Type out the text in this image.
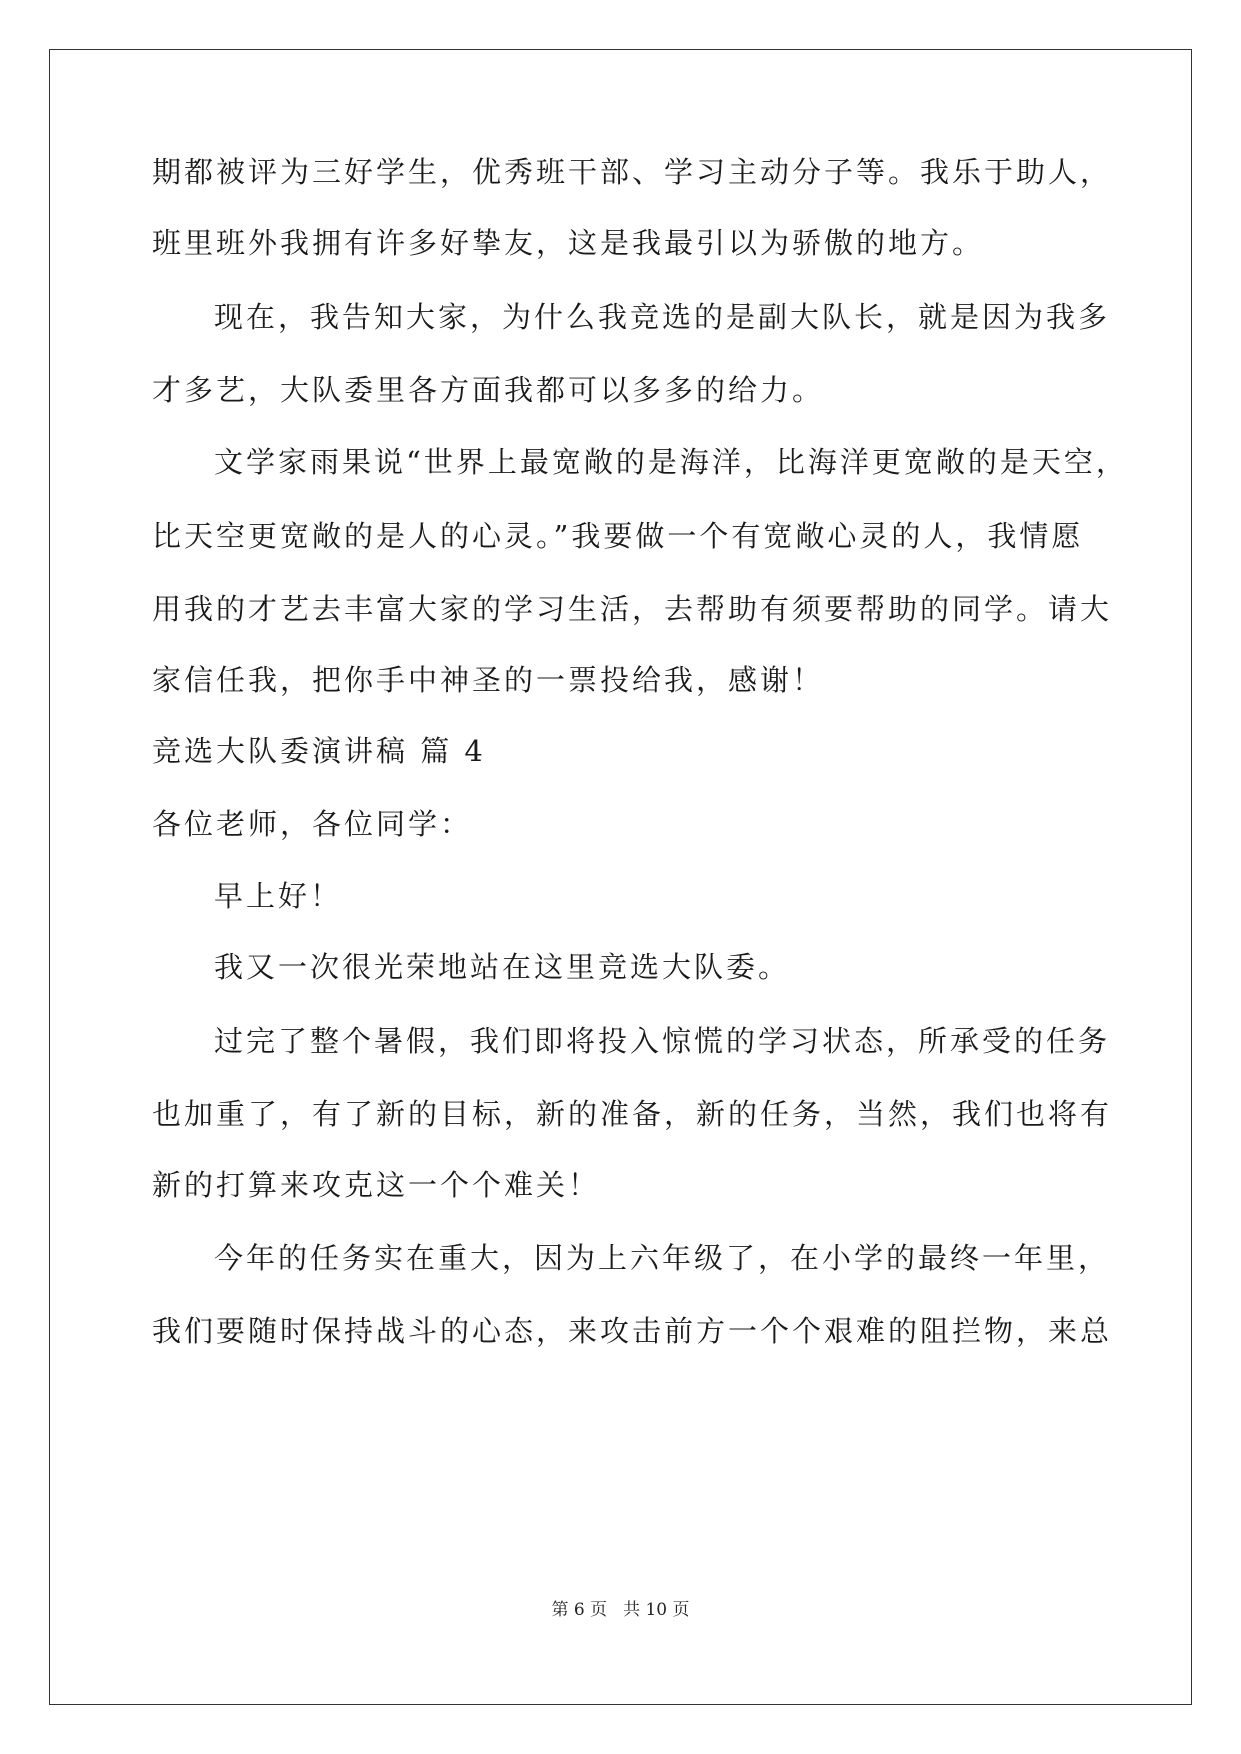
期都被评为三好学生，优秀班干部、学习主动分子等。我乐于助人，
班里班外我拥有许多好挚友，这是我最引以为骄傲的地方。
现在，我告知大家，为什么我竞选的是副大队长，就是因为我多
才多艺，大队委里各方面我都可以多多的给力。
文学家雨果说“世界上最宽敞的是海洋，比海洋更宽敞的是天空，
比天空更宽敞的是人的心灵。”我要做一个有宽敞心灵的人，我情愿
用我的才艺去丰富大家的学习生活，去帮助有须要帮助的同学。请大
家信任我，把你手中神圣的一票投给我，感谢！
竞选大队委演讲稿 篇 4
各位老师，各位同学：
早上好！
我又一次很光荣地站在这里竞选大队委。
过完了整个暑假，我们即将投入惊慌的学习状态，所承受的任务
也加重了，有了新的目标，新的准备，新的任务，当然，我们也将有
新的打算来攻克这一个个难关！
今年的任务实在重大，因为上六年级了，在小学的最终一年里，
我们要随时保持战斗的心态，来攻击前方一个个艰难的阻拦物，来总
第 6 页 共 10 页
